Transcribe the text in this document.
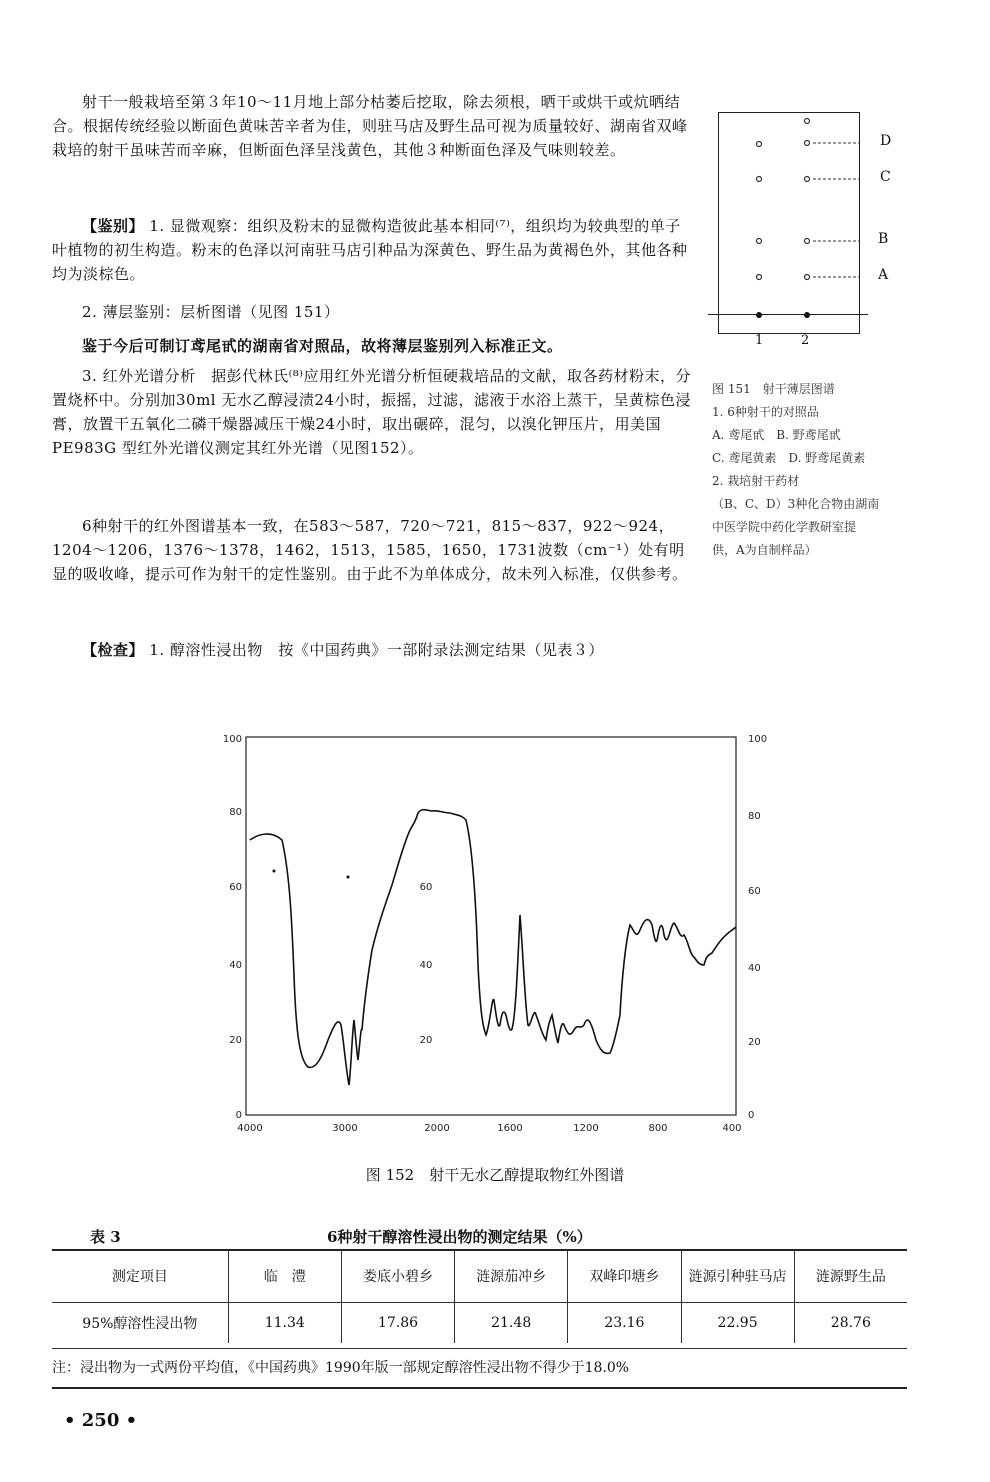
射干一般栽培至第３年10～11月地上部分枯萎后挖取，除去须根，晒干或烘干或炕晒结合。根据传统经验以断面色黄味苦辛者为佳，则驻马店及野生品可视为质量较好、湖南省双峰栽培的射干虽味苦而辛麻，但断面色泽呈浅黄色，其他３种断面色泽及气味则较差。

【鉴别】 1. 显微观察：组织及粉末的显微构造彼此基本相同⁽⁷⁾，组织均为较典型的单子叶植物的初生构造。粉末的色泽以河南驻马店引种品为深黄色、野生品为黄褐色外，其他各种均为淡棕色。

2. 薄层鉴别：层析图谱（见图 151）

鉴于今后可制订鸢尾甙的湖南省对照品，故将薄层鉴别列入标准正文。

3. 红外光谱分析　据彭代林氏⁽⁸⁾应用红外光谱分析恒硬栽培品的文献，取各药材粉末，分置烧杯中。分别加30ml 无水乙醇浸渍24小时，振摇，过滤，滤液于水浴上蒸干，呈黄棕色浸膏，放置干五氧化二磷干燥器减压干燥24小时，取出碾碎，混匀，以溴化钾压片，用美国 PE983G 型红外光谱仪测定其红外光谱（见图152）。

6种射干的红外图谱基本一致，在583～587，720～721，815～837，922～924，1204～1206，1376～1378，1462，1513，1585，1650，1731波数（cm⁻¹）处有明显的吸收峰，提示可作为射干的定性鉴别。由于此不为单体成分，故未列入标准，仅供参考。

【检查】 1. 醇溶性浸出物　按《中国药典》一部附录法测定结果（见表３）

D
C
B
A
1	2
图 151　射干薄层图谱
1. 6种射干的对照品
A. 鸢尾甙　B. 野鸢尾甙
C. 鸢尾黄素　D. 野鸢尾黄素
2. 栽培射干药材
（B、C、D）3种化合物由湖南
中医学院中药化学教研室提
供，A为自制样品）
100
80
60
40
20
0
100
80
60
40
20
0
60
40
20
4000	3000	2000	1600	1200	800	400
图 152　射干无水乙醇提取物红外图谱
表 3	6种射干醇溶性浸出物的测定结果（%）
测定项目	临　澧	娄底小碧乡	涟源茄冲乡	双峰印塘乡	涟源引种驻马店	涟源野生品
95%醇溶性浸出物	11.34	17.86	21.48	23.16	22.95	28.76
注：浸出物为一式两份平均值，《中国药典》1990年版一部规定醇溶性浸出物不得少于18.0%
• 250 •
